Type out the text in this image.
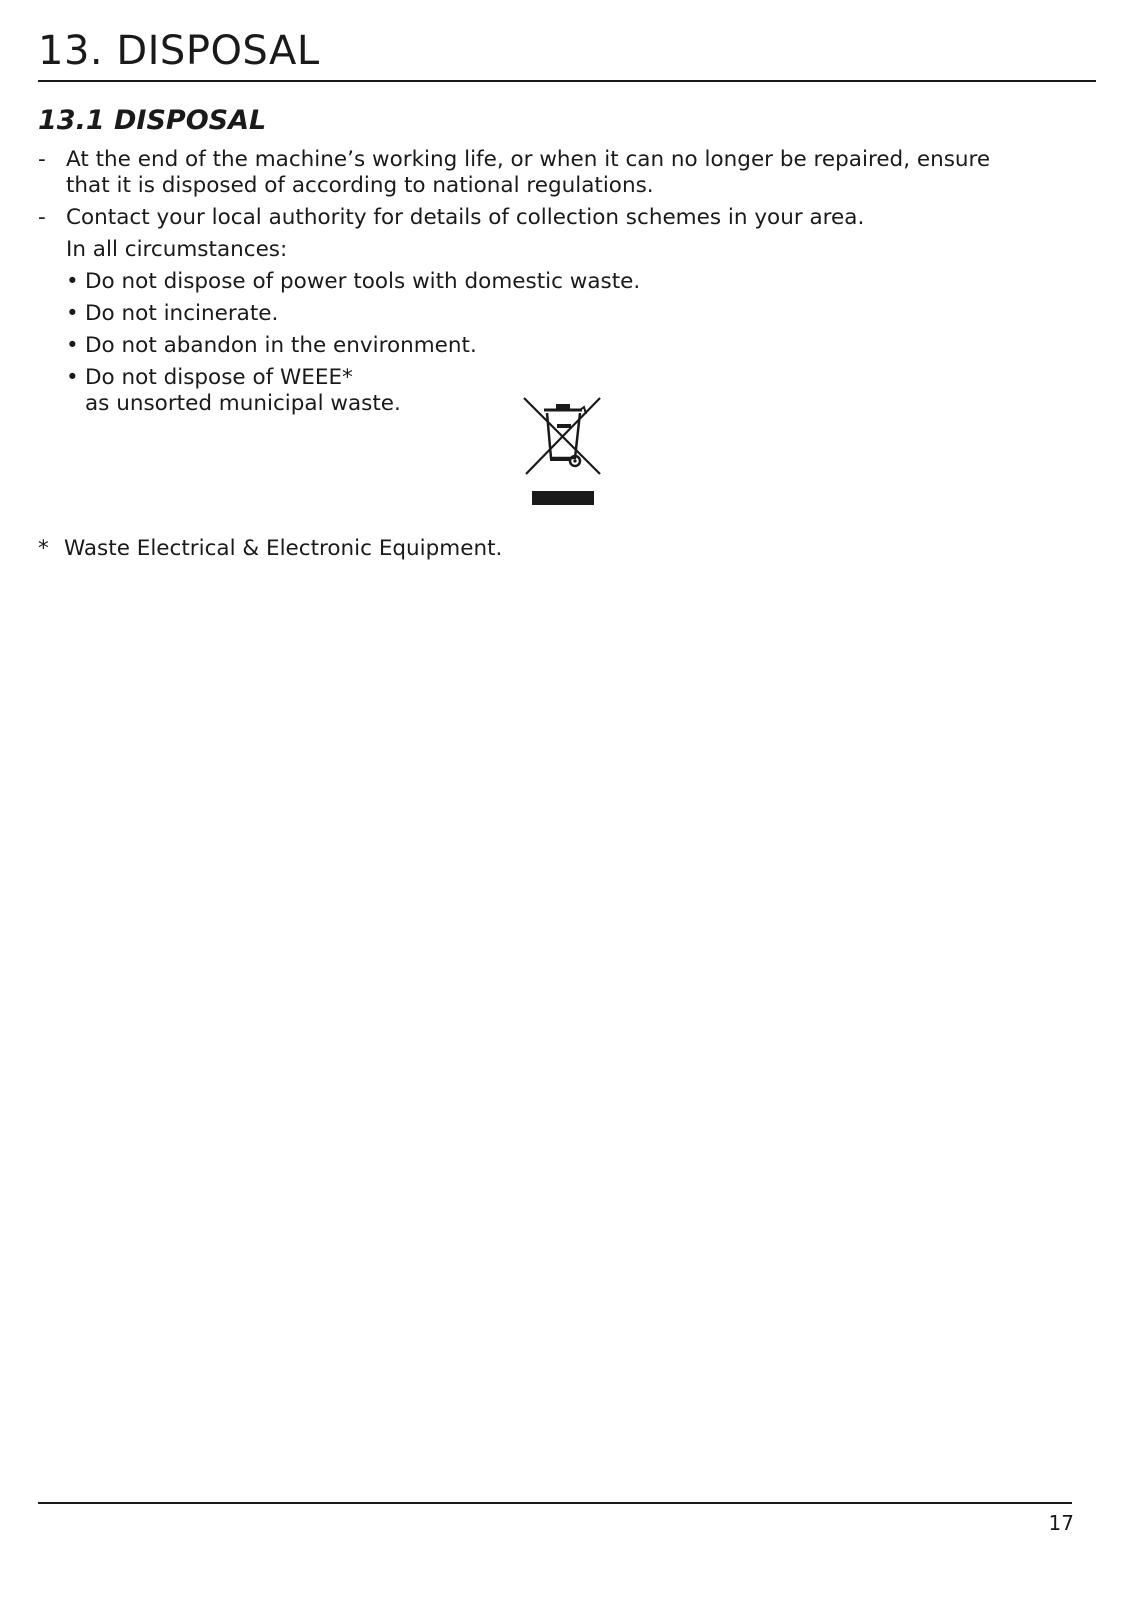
13. DISPOSAL
13.1 DISPOSAL
- At the end of the machine’s working life, or when it can no longer be repaired, ensure
that it is disposed of according to national regulations.
- Contact your local authority for details of collection schemes in your area.
In all circumstances:
• Do not dispose of power tools with domestic waste.
• Do not incinerate.
• Do not abandon in the environment.
• Do not dispose of WEEE*
as unsorted municipal waste.
* Waste Electrical & Electronic Equipment.
17
